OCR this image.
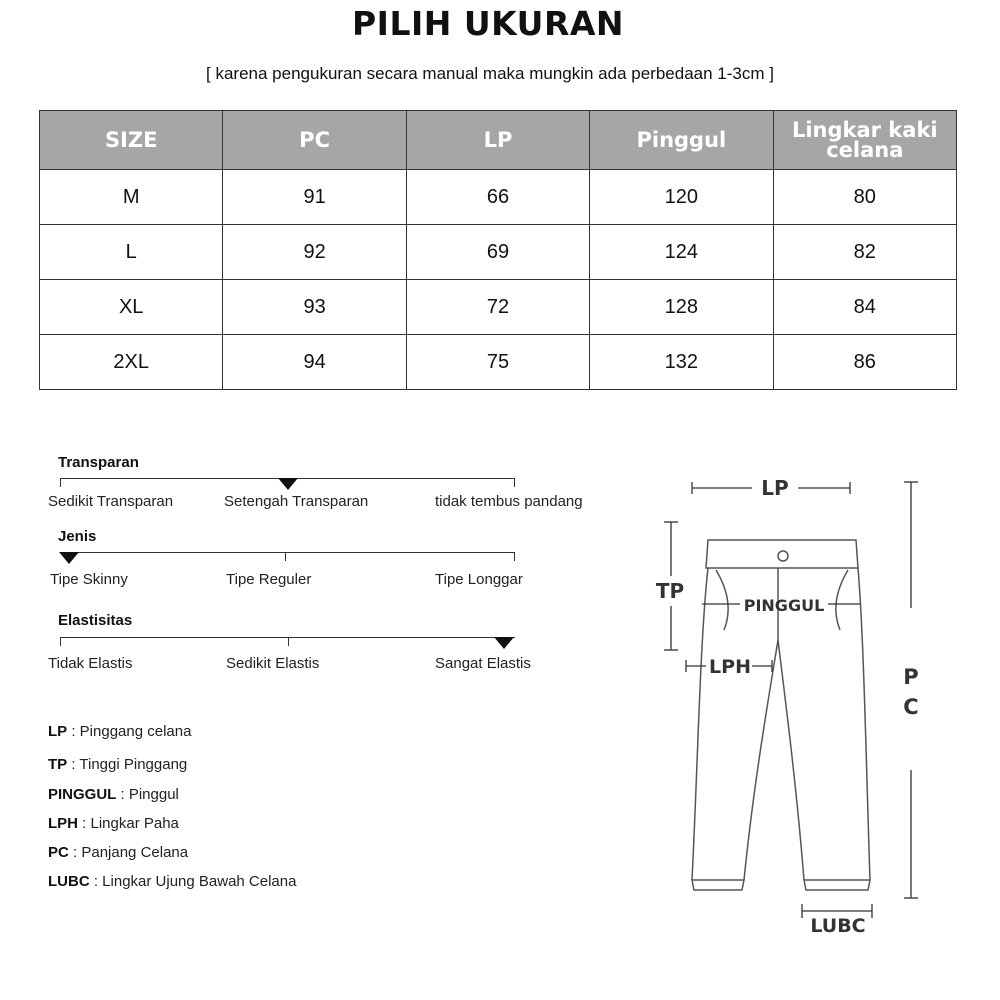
PILIH UKURAN
[ karena pengukuran secara manual maka mungkin ada perbedaan 1-3cm ]
SIZE	PC	LP	Pinggul	Lingkar kaki celana
M	91	66	120	80
L	92	69	124	82
XL	93	72	128	84
2XL	94	75	132	86
Transparan
Sedikit Transparan	Setengah Transparan	tidak tembus pandang
Jenis
Tipe Skinny	Tipe Reguler	Tipe Longgar
Elastisitas
Tidak Elastis	Sedikit Elastis	Sangat Elastis
LP : Pinggang celana
TP : Tinggi Pinggang
PINGGUL : Pinggul
LPH : Lingkar Paha
PC : Panjang Celana
LUBC : Lingkar Ujung Bawah Celana
LP
TP
PINGGUL
LPH	P
C
LUBC
